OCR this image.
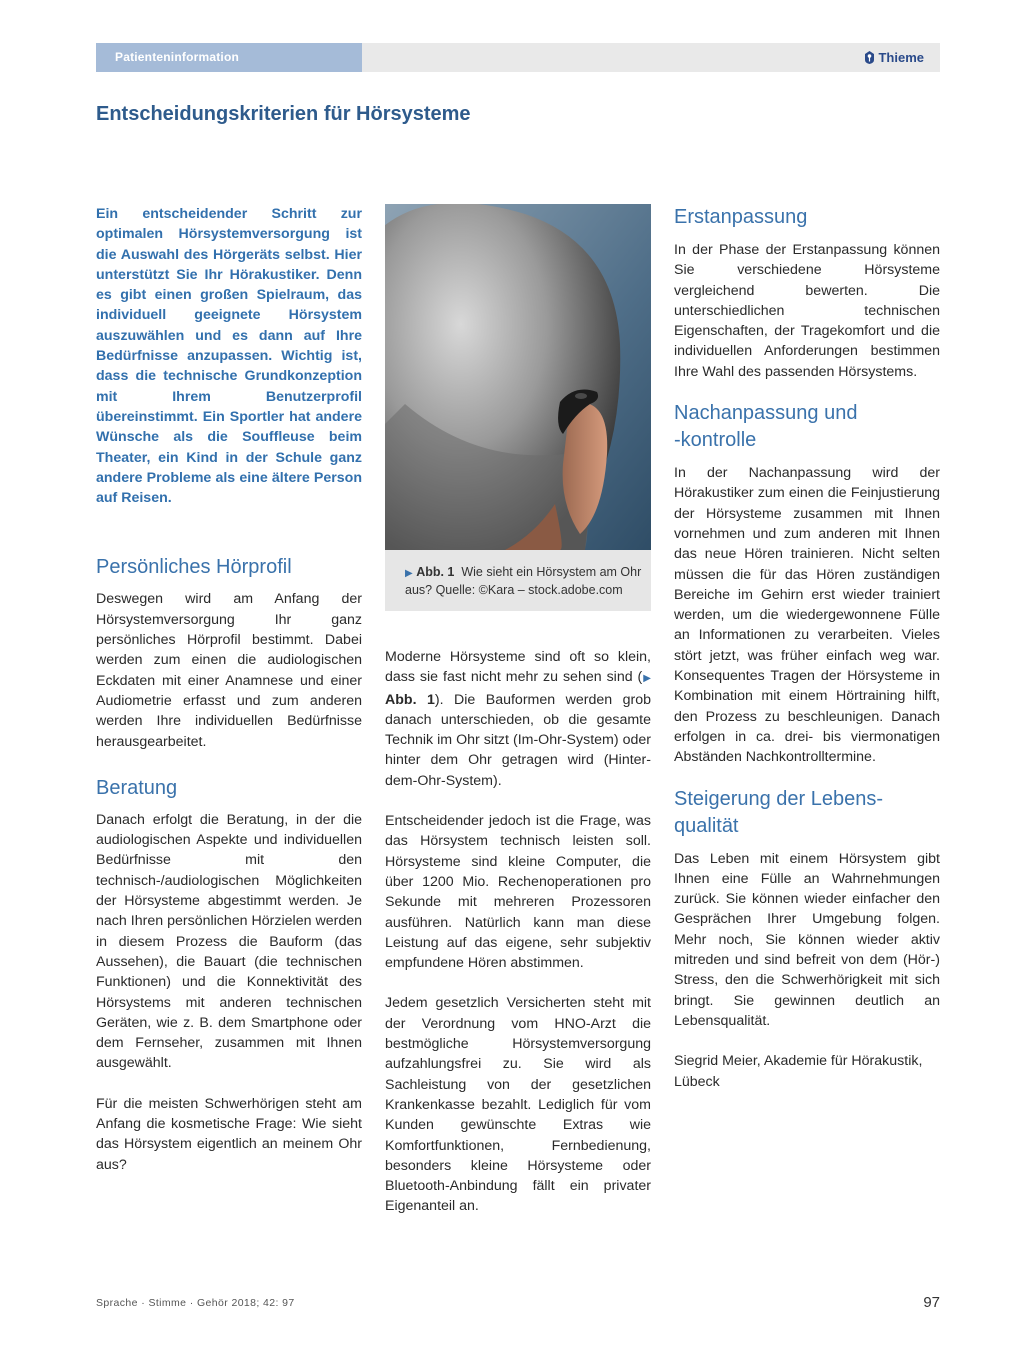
Patienteninformation	Thieme
Entscheidungskriterien für Hörsysteme

Ein entscheidender Schritt zur optimalen Hörsystemversorgung ist die Auswahl des Hörgeräts selbst. Hier unterstützt Sie Ihr Hörakustiker. Denn es gibt einen großen Spielraum, das individuell geeignete Hörsystem auszuwählen und es dann auf Ihre Bedürfnisse anzupassen. Wichtig ist, dass die technische Grundkonzeption mit Ihrem Benutzerprofil übereinstimmt. Ein Sportler hat andere Wünsche als die Souffleuse beim Theater, ein Kind in der Schule ganz andere Probleme als eine ältere Person auf Reisen.

Persönliches Hörprofil

Deswegen wird am Anfang der Hörsystemversorgung Ihr ganz persönliches Hörprofil bestimmt. Dabei werden zum einen die audiologischen Eckdaten mit einer Anamnese und einer Audiometrie erfasst und zum anderen werden Ihre individuellen Bedürfnisse herausgearbeitet.

Beratung

Danach erfolgt die Beratung, in der die audiologischen Aspekte und individuellen Bedürfnisse mit den technisch-/audiologischen Möglichkeiten der Hörsysteme abgestimmt werden. Je nach Ihren persönlichen Hörzielen werden in diesem Prozess die Bauform (das Aussehen), die Bauart (die technischen Funktionen) und die Konnektivität des Hörsystems mit anderen technischen Geräten, wie z. B. dem Smartphone oder dem Fernseher, zusammen mit Ihnen ausgewählt.

Für die meisten Schwerhörigen steht am Anfang die kosmetische Frage: Wie sieht das Hörsystem eigentlich an meinem Ohr aus?

▶ Abb. 1 Wie sieht ein Hörsystem am Ohr aus? Quelle: ©Kara – stock.adobe.com

Moderne Hörsysteme sind oft so klein, dass sie fast nicht mehr zu sehen sind (▶ Abb. 1). Die Bauformen werden grob danach unterschieden, ob die gesamte Technik im Ohr sitzt (Im-Ohr-System) oder hinter dem Ohr getragen wird (Hinter-dem-Ohr-System).

Entscheidender jedoch ist die Frage, was das Hörsystem technisch leisten soll. Hörsysteme sind kleine Computer, die über 1200 Mio. Rechenoperationen pro Sekunde mit mehreren Prozessoren ausführen. Natürlich kann man diese Leistung auf das eigene, sehr subjektiv empfundene Hören abstimmen.

Jedem gesetzlich Versicherten steht mit der Verordnung vom HNO-Arzt die bestmögliche Hörsystemversorgung aufzahlungsfrei zu. Sie wird als Sachleistung von der gesetzlichen Krankenkasse bezahlt. Lediglich für vom Kunden gewünschte Extras wie Komfortfunktionen, Fernbedienung, besonders kleine Hörsysteme oder Bluetooth-Anbindung fällt ein privater Eigenanteil an.

Erstanpassung

In der Phase der Erstanpassung können Sie verschiedene Hörsysteme vergleichend bewerten. Die unterschiedlichen technischen Eigenschaften, der Tragekomfort und die individuellen Anforderungen bestimmen Ihre Wahl des passenden Hörsystems.

Nachanpassung und
-kontrolle

In der Nachanpassung wird der Hörakustiker zum einen die Feinjustierung der Hörsysteme zusammen mit Ihnen vornehmen und zum anderen mit Ihnen das neue Hören trainieren. Nicht selten müssen die für das Hören zuständigen Bereiche im Gehirn erst wieder trainiert werden, um die wiedergewonnene Fülle an Informationen zu verarbeiten. Vieles stört jetzt, was früher einfach weg war. Konsequentes Tragen der Hörsysteme in Kombination mit einem Hörtraining hilft, den Prozess zu beschleunigen. Danach erfolgen in ca. drei- bis viermonatigen Abständen Nachkontrolltermine.

Steigerung der Lebens-
qualität

Das Leben mit einem Hörsystem gibt Ihnen eine Fülle an Wahrnehmungen zurück. Sie können wieder einfacher den Gesprächen Ihrer Umgebung folgen. Mehr noch, Sie können wieder aktiv mitreden und sind befreit von dem (Hör-) Stress, den die Schwerhörigkeit mit sich bringt. Sie gewinnen deutlich an Lebensqualität.

Siegrid Meier, Akademie für Hörakustik, Lübeck

Sprache · Stimme · Gehör 2018; 42: 97	97
